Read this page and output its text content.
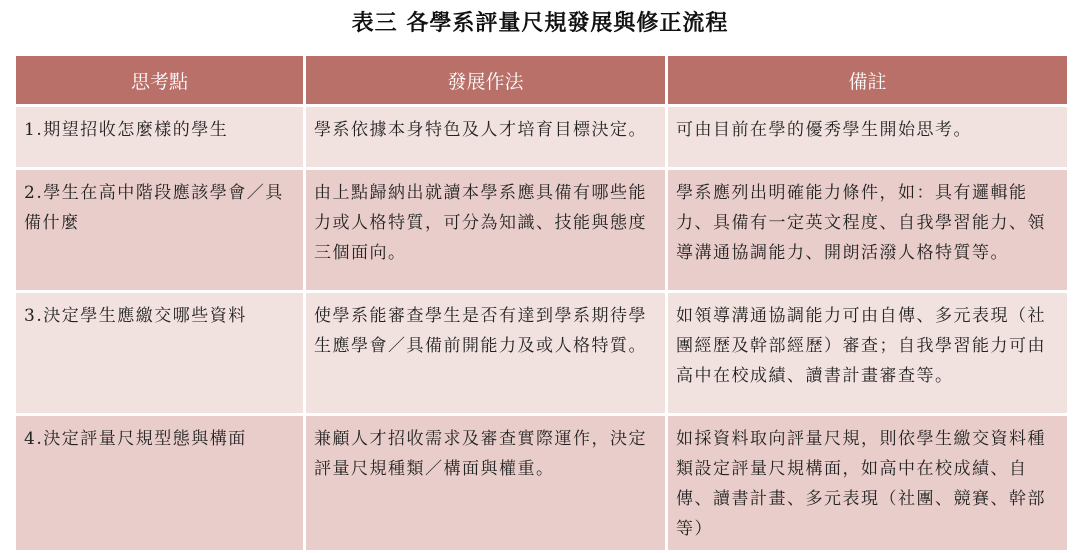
表三 各學系評量尺規發展與修正流程
思考點	發展作法	備註
1.期望招收怎麼樣的學生	學系依據本身特色及人才培育目標決定。	可由目前在學的優秀學生開始思考。
2.學生在高中階段應該學會／具備什麼	由上點歸納出就讀本學系應具備有哪些能力或人格特質，可分為知識、技能與態度三個面向。	學系應列出明確能力條件，如：具有邏輯能力、具備有一定英文程度、自我學習能力、領導溝通協調能力、開朗活潑人格特質等。
3.決定學生應繳交哪些資料	使學系能審查學生是否有達到學系期待學生應學會／具備前開能力及或人格特質。	如領導溝通協調能力可由自傳、多元表現（社團經歷及幹部經歷）審查；自我學習能力可由高中在校成績、讀書計畫審查等。
4.決定評量尺規型態與構面	兼顧人才招收需求及審查實際運作，決定評量尺規種類／構面與權重。	如採資料取向評量尺規，則依學生繳交資料種類設定評量尺規構面，如高中在校成績、自傳、讀書計畫、多元表現（社團、競賽、幹部等）
